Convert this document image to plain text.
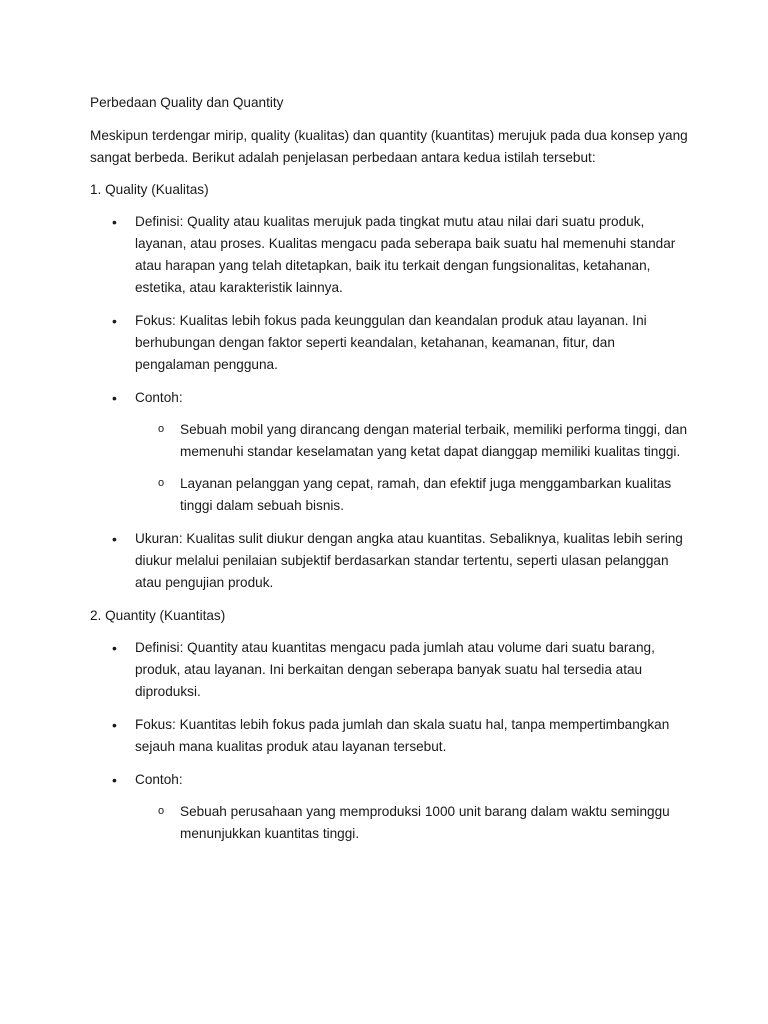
Perbedaan Quality dan Quantity

Meskipun terdengar mirip, quality (kualitas) dan quantity (kuantitas) merujuk pada dua konsep yang sangat berbeda. Berikut adalah penjelasan perbedaan antara kedua istilah tersebut:

1. Quality (Kualitas)

• Definisi: Quality atau kualitas merujuk pada tingkat mutu atau nilai dari suatu produk, layanan, atau proses. Kualitas mengacu pada seberapa baik suatu hal memenuhi standar atau harapan yang telah ditetapkan, baik itu terkait dengan fungsionalitas, ketahanan, estetika, atau karakteristik lainnya.
• Fokus: Kualitas lebih fokus pada keunggulan dan keandalan produk atau layanan. Ini berhubungan dengan faktor seperti keandalan, ketahanan, keamanan, fitur, dan pengalaman pengguna.
• Contoh:
o Sebuah mobil yang dirancang dengan material terbaik, memiliki performa tinggi, dan memenuhi standar keselamatan yang ketat dapat dianggap memiliki kualitas tinggi.
o Layanan pelanggan yang cepat, ramah, dan efektif juga menggambarkan kualitas tinggi dalam sebuah bisnis.
• Ukuran: Kualitas sulit diukur dengan angka atau kuantitas. Sebaliknya, kualitas lebih sering diukur melalui penilaian subjektif berdasarkan standar tertentu, seperti ulasan pelanggan atau pengujian produk.

2. Quantity (Kuantitas)

• Definisi: Quantity atau kuantitas mengacu pada jumlah atau volume dari suatu barang, produk, atau layanan. Ini berkaitan dengan seberapa banyak suatu hal tersedia atau diproduksi.
• Fokus: Kuantitas lebih fokus pada jumlah dan skala suatu hal, tanpa mempertimbangkan sejauh mana kualitas produk atau layanan tersebut.
• Contoh:
o Sebuah perusahaan yang memproduksi 1000 unit barang dalam waktu seminggu menunjukkan kuantitas tinggi.
